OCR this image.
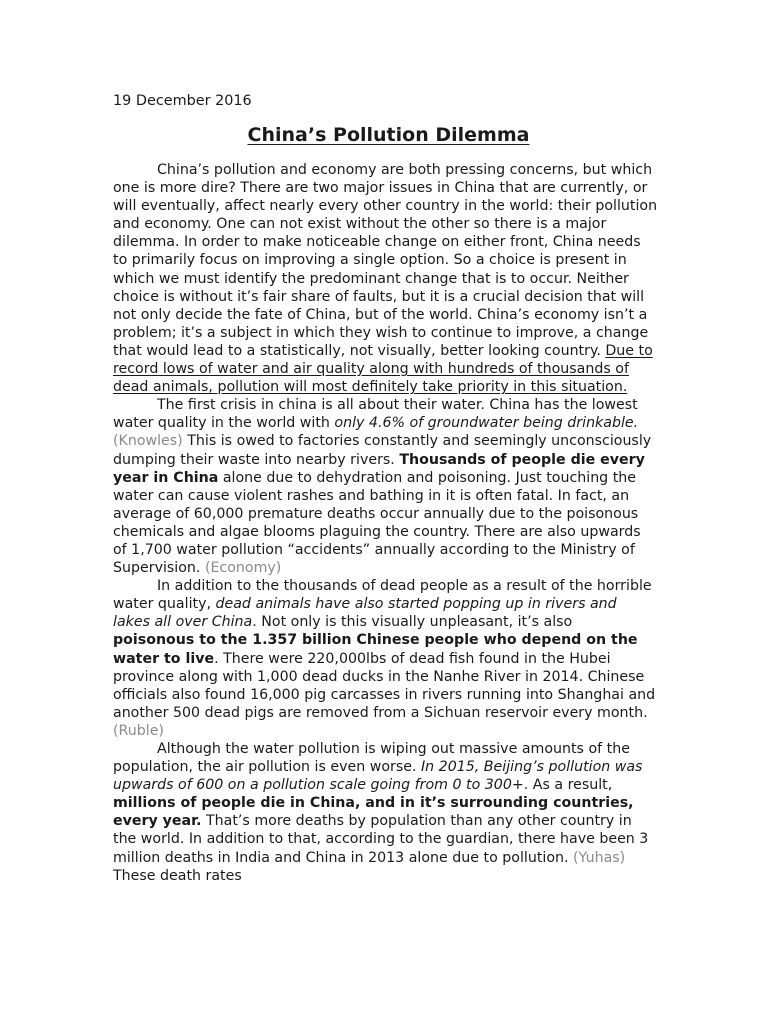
19 December 2016

China’s Pollution Dilemma

China’s pollution and economy are both pressing concerns, but which one is more dire? There are two major issues in China that are currently, or will eventually, affect nearly every other country in the world: their pollution and economy. One can not exist without the other so there is a major dilemma. In order to make noticeable change on either front, China needs to primarily focus on improving a single option. So a choice is present in which we must identify the predominant change that is to occur. Neither choice is without it’s fair share of faults, but it is a crucial decision that will not only decide the fate of China, but of the world. China’s economy isn’t a problem; it’s a subject in which they wish to continue to improve, a change that would lead to a statistically, not visually, better looking country. Due to record lows of water and air quality along with hundreds of thousands of dead animals, pollution will most definitely take priority in this situation.

The first crisis in china is all about their water. China has the lowest water quality in the world with only 4.6% of groundwater being drinkable. (Knowles) This is owed to factories constantly and seemingly unconsciously dumping their waste into nearby rivers. Thousands of people die every year in China alone due to dehydration and poisoning. Just touching the water can cause violent rashes and bathing in it is often fatal. In fact, an average of 60,000 premature deaths occur annually due to the poisonous chemicals and algae blooms plaguing the country. There are also upwards of 1,700 water pollution “accidents” annually according to the Ministry of Supervision. (Economy)

In addition to the thousands of dead people as a result of the horrible water quality, dead animals have also started popping up in rivers and lakes all over China. Not only is this visually unpleasant, it’s also poisonous to the 1.357 billion Chinese people who depend on the water to live. There were 220,000lbs of dead fish found in the Hubei province along with 1,000 dead ducks in the Nanhe River in 2014. Chinese officials also found 16,000 pig carcasses in rivers running into Shanghai and another 500 dead pigs are removed from a Sichuan reservoir every month. (Ruble)

Although the water pollution is wiping out massive amounts of the population, the air pollution is even worse. In 2015, Beijing’s pollution was upwards of 600 on a pollution scale going from 0 to 300+. As a result, millions of people die in China, and in it’s surrounding countries, every year. That’s more deaths by population than any other country in the world. In addition to that, according to the guardian, there have been 3 million deaths in India and China in 2013 alone due to pollution. (Yuhas) These death rates
